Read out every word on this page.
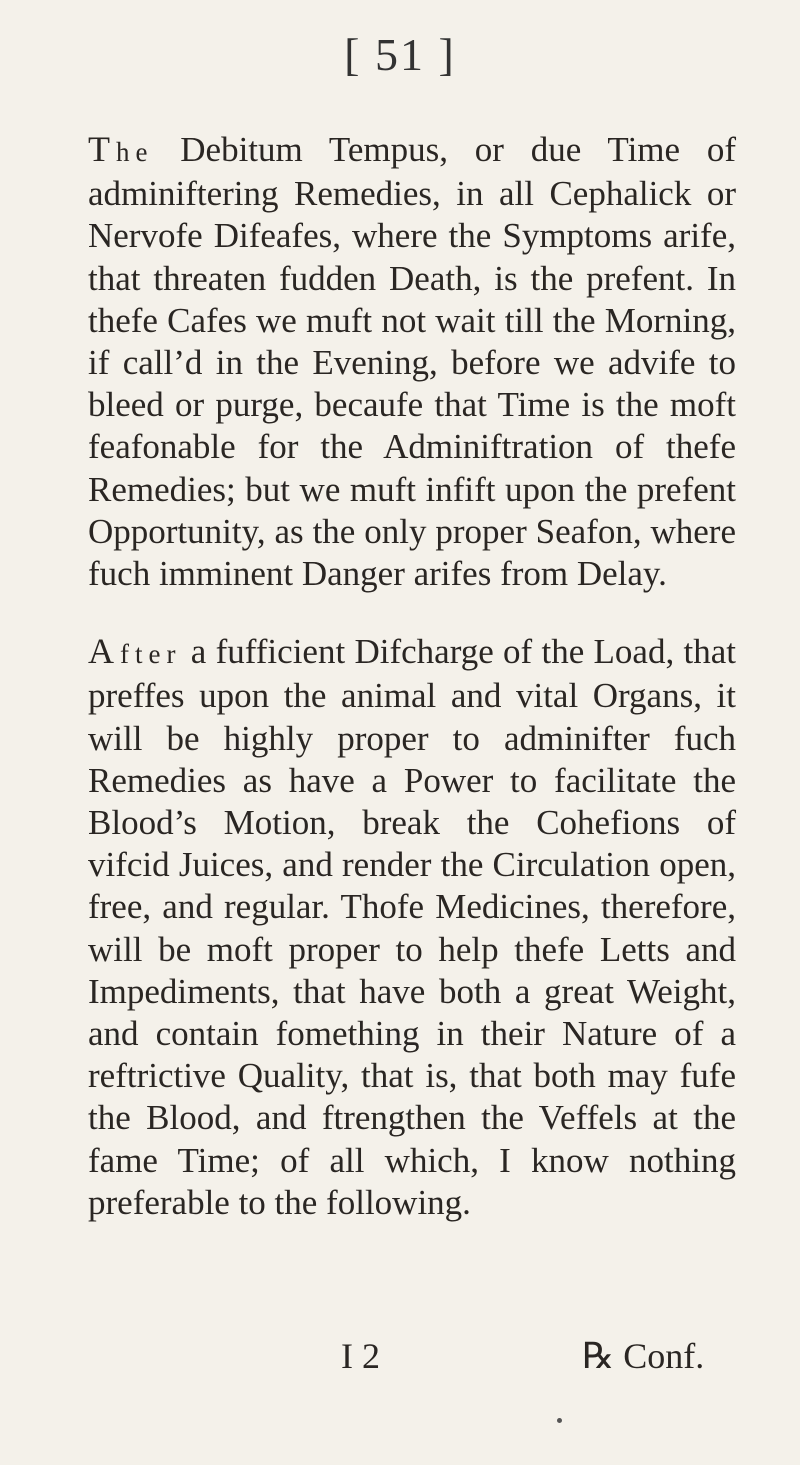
[ 51 ]

The Debitum Tempus, or due Time of adminiftering Remedies, in all Cephalick or Nervofe Difeafes, where the Symptoms arife, that threaten fudden Death, is the prefent. In thefe Cafes we muft not wait till the Morning, if call’d in the Evening, before we advife to bleed or purge, becaufe that Time is the moft feafonable for the Adminiftration of thefe Remedies; but we muft infift upon the prefent Opportunity, as the only proper Seafon, where fuch imminent Danger arifes from Delay.

After a fufficient Difcharge of the Load, that preffes upon the animal and vital Organs, it will be highly proper to adminifter fuch Remedies as have a Power to facilitate the Blood’s Motion, break the Cohefions of vifcid Juices, and render the Circulation open, free, and regular. Thofe Medicines, therefore, will be moft proper to help thefe Letts and Impediments, that have both a great Weight, and contain fomething in their Nature of a reftrictive Quality, that is, that both may fufe the Blood, and ftrengthen the Veffels at the fame Time; of all which, I know nothing preferable to the following.

I 2	℞ Conf.
